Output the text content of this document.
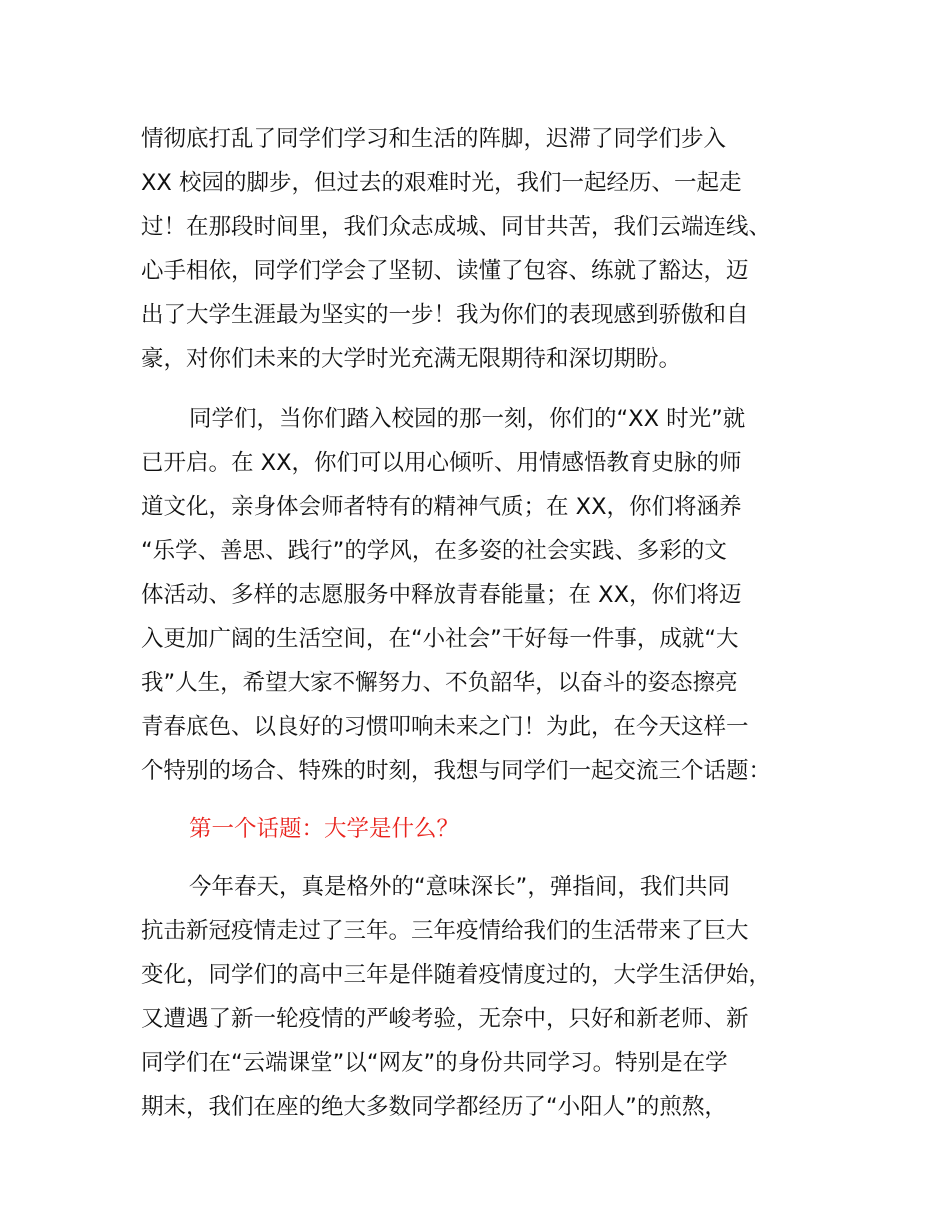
情彻底打乱了同学们学习和生活的阵脚，迟滞了同学们步入
XX 校园的脚步，但过去的艰难时光，我们一起经历、一起走
过！在那段时间里，我们众志成城、同甘共苦，我们云端连线、
心手相依，同学们学会了坚韧、读懂了包容、练就了豁达，迈
出了大学生涯最为坚实的一步！我为你们的表现感到骄傲和自
豪，对你们未来的大学时光充满无限期待和深切期盼。
同学们，当你们踏入校园的那一刻，你们的“XX 时光”就
已开启。在 XX，你们可以用心倾听、用情感悟教育史脉的师
道文化，亲身体会师者特有的精神气质；在 XX，你们将涵养
“乐学、善思、践行”的学风，在多姿的社会实践、多彩的文
体活动、多样的志愿服务中释放青春能量；在 XX，你们将迈
入更加广阔的生活空间，在“小社会”干好每一件事，成就“大
我”人生，希望大家不懈努力、不负韶华，以奋斗的姿态擦亮
青春底色、以良好的习惯叩响未来之门！为此，在今天这样一
个特别的场合、特殊的时刻，我想与同学们一起交流三个话题：
第一个话题：大学是什么？
今年春天，真是格外的“意味深长”，弹指间，我们共同
抗击新冠疫情走过了三年。三年疫情给我们的生活带来了巨大
变化，同学们的高中三年是伴随着疫情度过的，大学生活伊始，
又遭遇了新一轮疫情的严峻考验，无奈中，只好和新老师、新
同学们在“云端课堂”以“网友”的身份共同学习。特别是在学
期末，我们在座的绝大多数同学都经历了“小阳人”的煎熬，
